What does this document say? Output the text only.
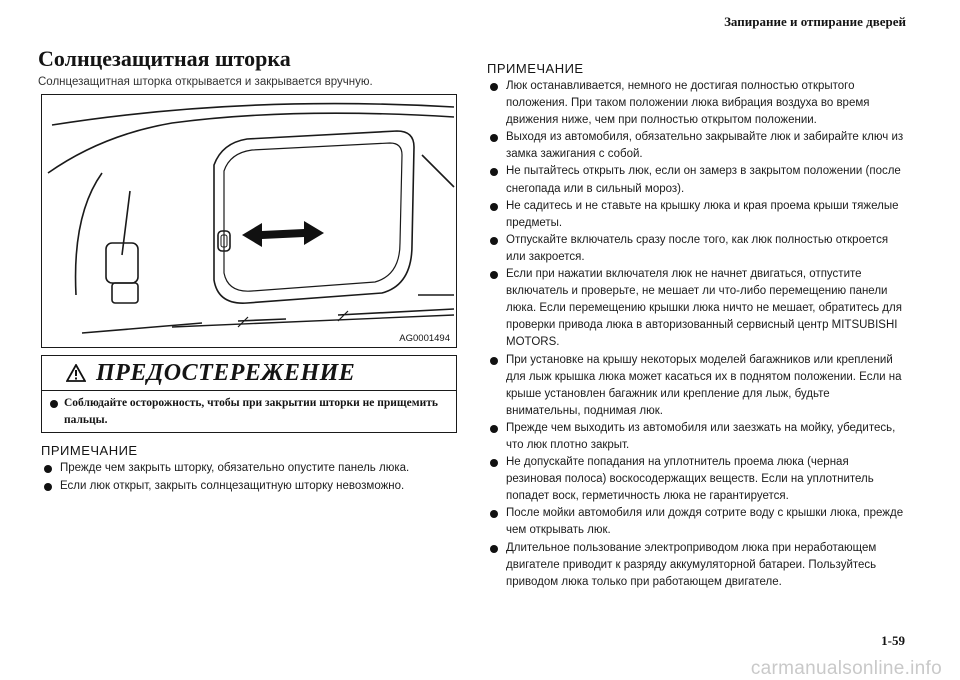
Запирание и отпирание дверей
Солнцезащитная шторка
Солнцезащитная шторка открывается и закрывается вручную.
AG0001494
ПРЕДОСТЕРЕЖЕНИЕ
Соблюдайте осторожность, чтобы при закрытии шторки не прищемить пальцы.
ПРИМЕЧАНИЕ
Прежде чем закрыть шторку, обязательно опустите панель люка.
Если люк открыт, закрыть солнцезащитную шторку невозможно.
ПРИМЕЧАНИЕ
Люк останавливается, немного не достигая полностью открытого положения. При таком положении люка вибрация воздуха во время движения ниже, чем при полностью открытом положении.
Выходя из автомобиля, обязательно закрывайте люк и забирайте ключ из замка зажигания с собой.
Не пытайтесь открыть люк, если он замерз в закрытом положении (после снегопада или в сильный мороз).
Не садитесь и не ставьте на крышку люка и края проема крыши тяжелые предметы.
Отпускайте включатель сразу после того, как люк полностью откроется или закроется.
Если при нажатии включателя люк не начнет двигаться, отпустите включатель и проверьте, не мешает ли что-либо перемещению панели люка. Если перемещению крышки люка ничто не мешает, обратитесь для проверки привода люка в авторизованный сервисный центр MITSUBISHI MOTORS.
При установке на крышу некоторых моделей багажников или креплений для лыж крышка люка может касаться их в поднятом положении. Если на крыше установлен багажник или крепление для лыж, будьте внимательны, поднимая люк.
Прежде чем выходить из автомобиля или заезжать на мойку, убедитесь, что люк плотно закрыт.
Не допускайте попадания на уплотнитель проема люка (черная резиновая полоса) воскосодержащих веществ. Если на уплотнитель попадет воск, герметичность люка не гарантируется.
После мойки автомобиля или дождя сотрите воду с крышки люка, прежде чем открывать люк.
Длительное пользование электроприводом люка при неработающем двигателе приводит к разряду аккумуляторной батареи. Пользуйтесь приводом люка только при работающем двигателе.
1-59
carmanualsonline.info
